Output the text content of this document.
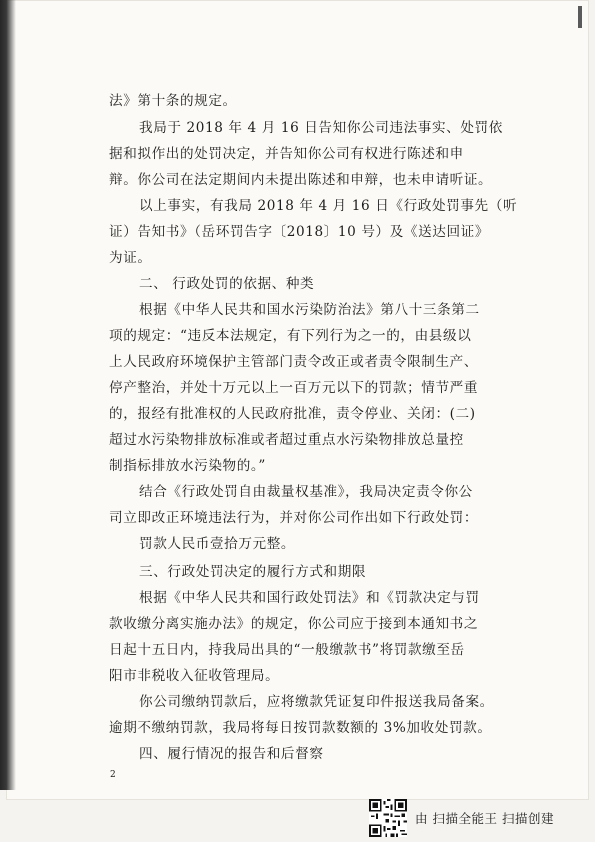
法》第十条的规定。
我局于 2018 年 4 月 16 日告知你公司违法事实、处罚依
据和拟作出的处罚决定，并告知你公司有权进行陈述和申
辩。你公司在法定期间内未提出陈述和申辩，也未申请听证。
以上事实，有我局 2018 年 4 月 16 日《行政处罚事先（听
证）告知书》（岳环罚告字〔2018〕10 号）及《送达回证》
为证。
二、 行政处罚的依据、种类
根据《中华人民共和国水污染防治法》第八十三条第二
项的规定：“违反本法规定，有下列行为之一的，由县级以
上人民政府环境保护主管部门责令改正或者责令限制生产、
停产整治，并处十万元以上一百万元以下的罚款；情节严重
的，报经有批准权的人民政府批准，责令停业、关闭：(二)
超过水污染物排放标准或者超过重点水污染物排放总量控
制指标排放水污染物的。”
结合《行政处罚自由裁量权基准》，我局决定责令你公
司立即改正环境违法行为，并对你公司作出如下行政处罚：
罚款人民币壹拾万元整。
三、行政处罚决定的履行方式和期限
根据《中华人民共和国行政处罚法》和《罚款决定与罚
款收缴分离实施办法》的规定，你公司应于接到本通知书之
日起十五日内，持我局出具的“一般缴款书”将罚款缴至岳
阳市非税收入征收管理局。
你公司缴纳罚款后，应将缴款凭证复印件报送我局备案。
逾期不缴纳罚款，我局将每日按罚款数额的 3%加收处罚款。
四、履行情况的报告和后督察
2
由 扫描全能王 扫描创建
